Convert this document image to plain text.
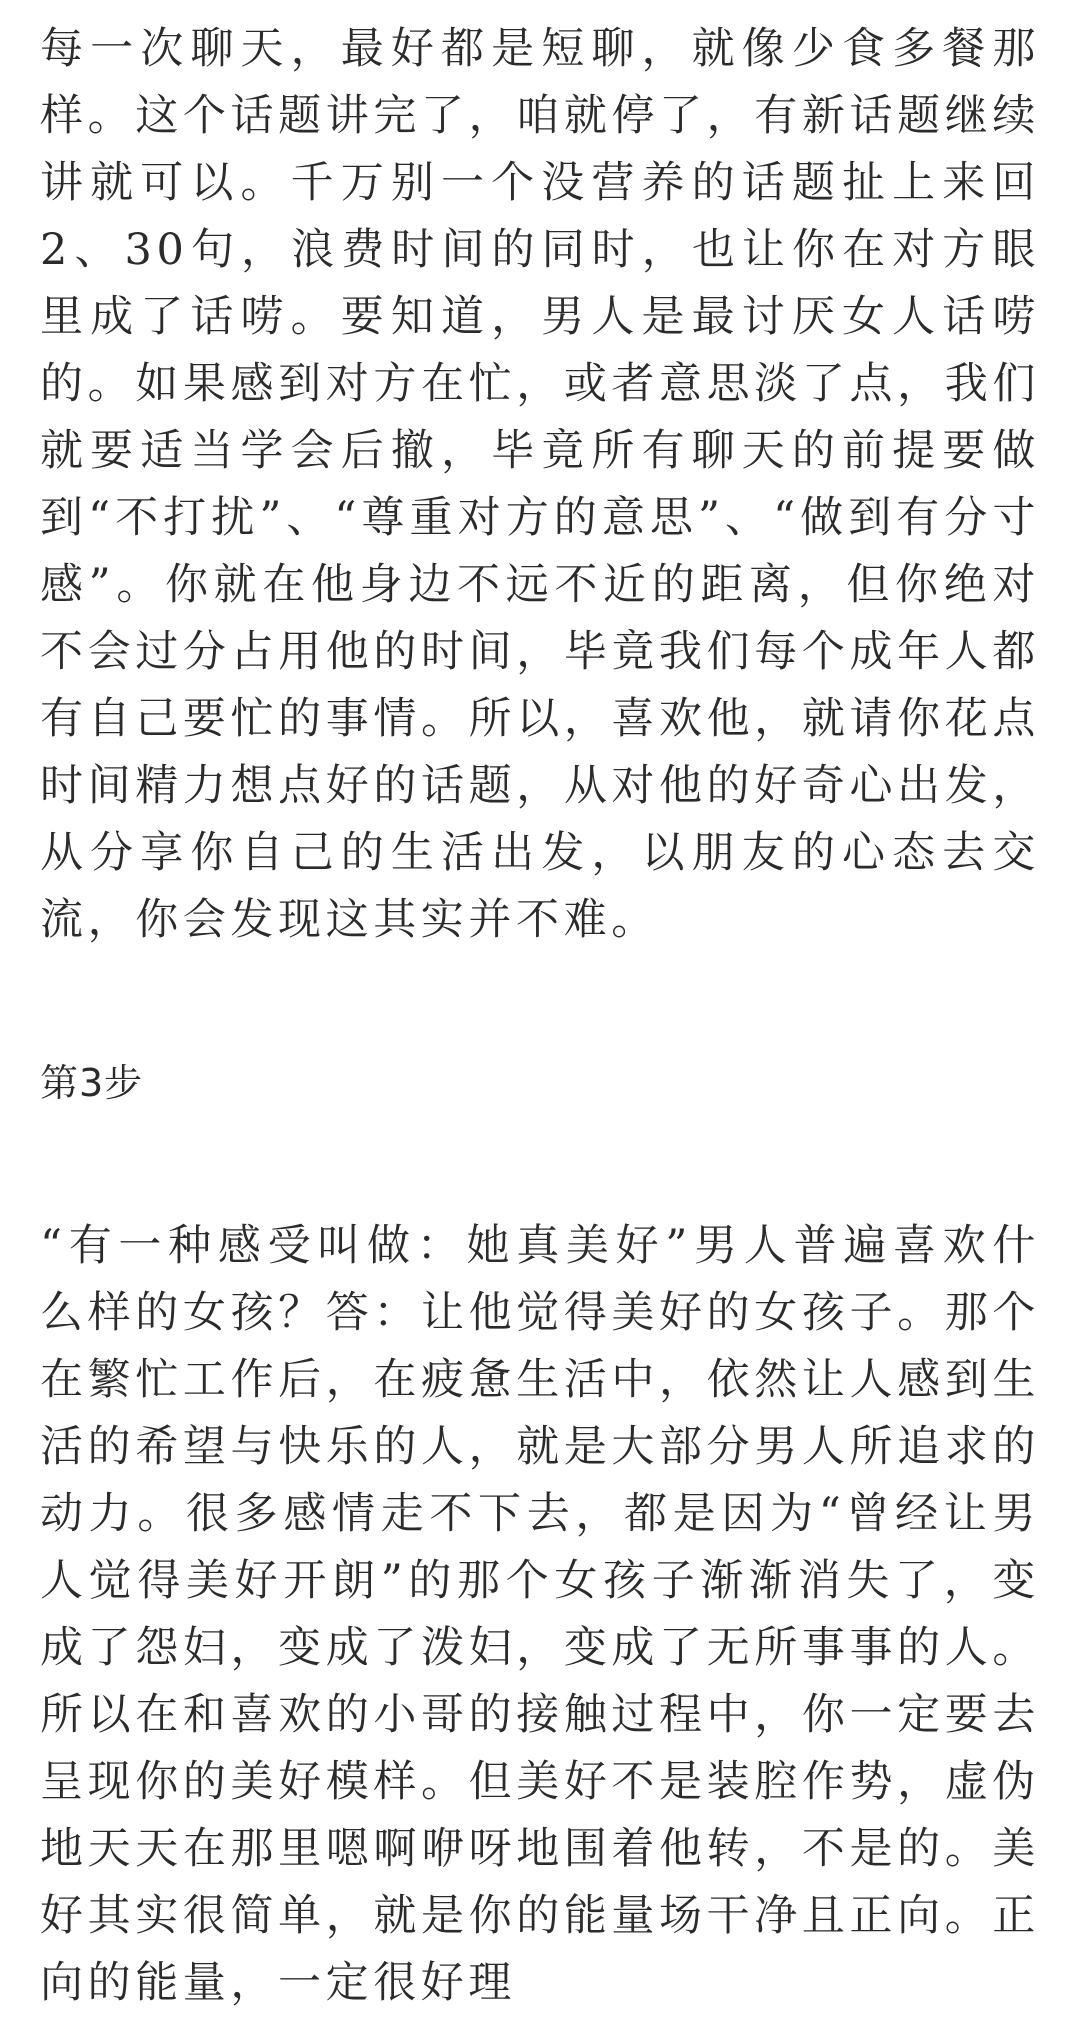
每一次聊天，最好都是短聊，就像少食多餐那样。这个话题讲完了，咱就停了，有新话题继续讲就可以。千万别一个没营养的话题扯上来回2、30句，浪费时间的同时，也让你在对方眼里成了话唠。要知道，男人是最讨厌女人话唠的。如果感到对方在忙，或者意思淡了点，我们就要适当学会后撤，毕竟所有聊天的前提要做到“不打扰”、“尊重对方的意思”、“做到有分寸感”。你就在他身边不远不近的距离，但你绝对不会过分占用他的时间，毕竟我们每个成年人都有自己要忙的事情。所以，喜欢他，就请你花点时间精力想点好的话题，从对他的好奇心出发，从分享你自己的生活出发，以朋友的心态去交流，你会发现这其实并不难。

第3步

“有一种感受叫做：她真美好”男人普遍喜欢什么样的女孩？答：让他觉得美好的女孩子。那个在繁忙工作后，在疲惫生活中，依然让人感到生活的希望与快乐的人，就是大部分男人所追求的动力。很多感情走不下去，都是因为“曾经让男人觉得美好开朗”的那个女孩子渐渐消失了，变成了怨妇，变成了泼妇，变成了无所事事的人。所以在和喜欢的小哥的接触过程中，你一定要去呈现你的美好模样。但美好不是装腔作势，虚伪地天天在那里嗯啊咿呀地围着他转，不是的。美好其实很简单，就是你的能量场干净且正向。正向的能量，一定很好理
